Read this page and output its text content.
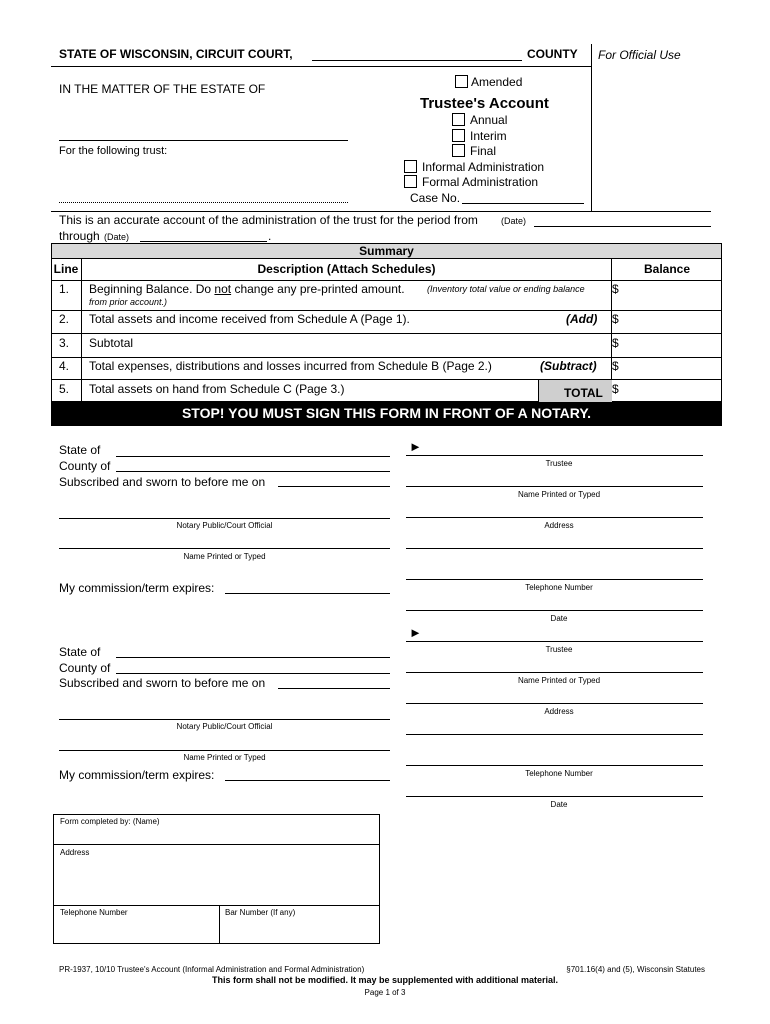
STATE OF WISCONSIN, CIRCUIT COURT,	COUNTY For Official Use
IN THE MATTER OF THE ESTATE OF
For the following trust:
Amended
Trustee's Account
Annual
Interim
Final
Informal Administration
Formal Administration
Case No.
This is an accurate account of the administration of the trust for the period from	(Date)
through (Date)	.
Summary
Line	Description (Attach Schedules)	Balance
1. Beginning Balance. Do not change any pre-printed amount. (Inventory total value or ending balance
from prior account.)
$
2. Total assets and income received from Schedule A (Page 1).	(Add) $
3. Subtotal	$
4. Total expenses, distributions and losses incurred from Schedule B (Page 2.)	(Subtract) $
5. Total assets on hand from Schedule C (Page 3.)	TOTAL $
STOP! YOU MUST SIGN THIS FORM IN FRONT OF A NOTARY.
State of
County of
Subscribed and sworn to before me on
Notary Public/Court Official
Name Printed or Typed
My commission/term expires:
►
Trustee
Name Printed or Typed
Address
Telephone Number
Date
State of
County of
Subscribed and sworn to before me on
Notary Public/Court Official
Name Printed or Typed
My commission/term expires:
►
Trustee
Name Printed or Typed
Address
Telephone Number
Date
Form completed by: (Name)
Address
Telephone Number	Bar Number (If any)
PR-1937, 10/10 Trustee's Account (Informal Administration and Formal Administration)	§701.16(4) and (5), Wisconsin Statutes
This form shall not be modified. It may be supplemented with additional material.
Page 1 of 3
